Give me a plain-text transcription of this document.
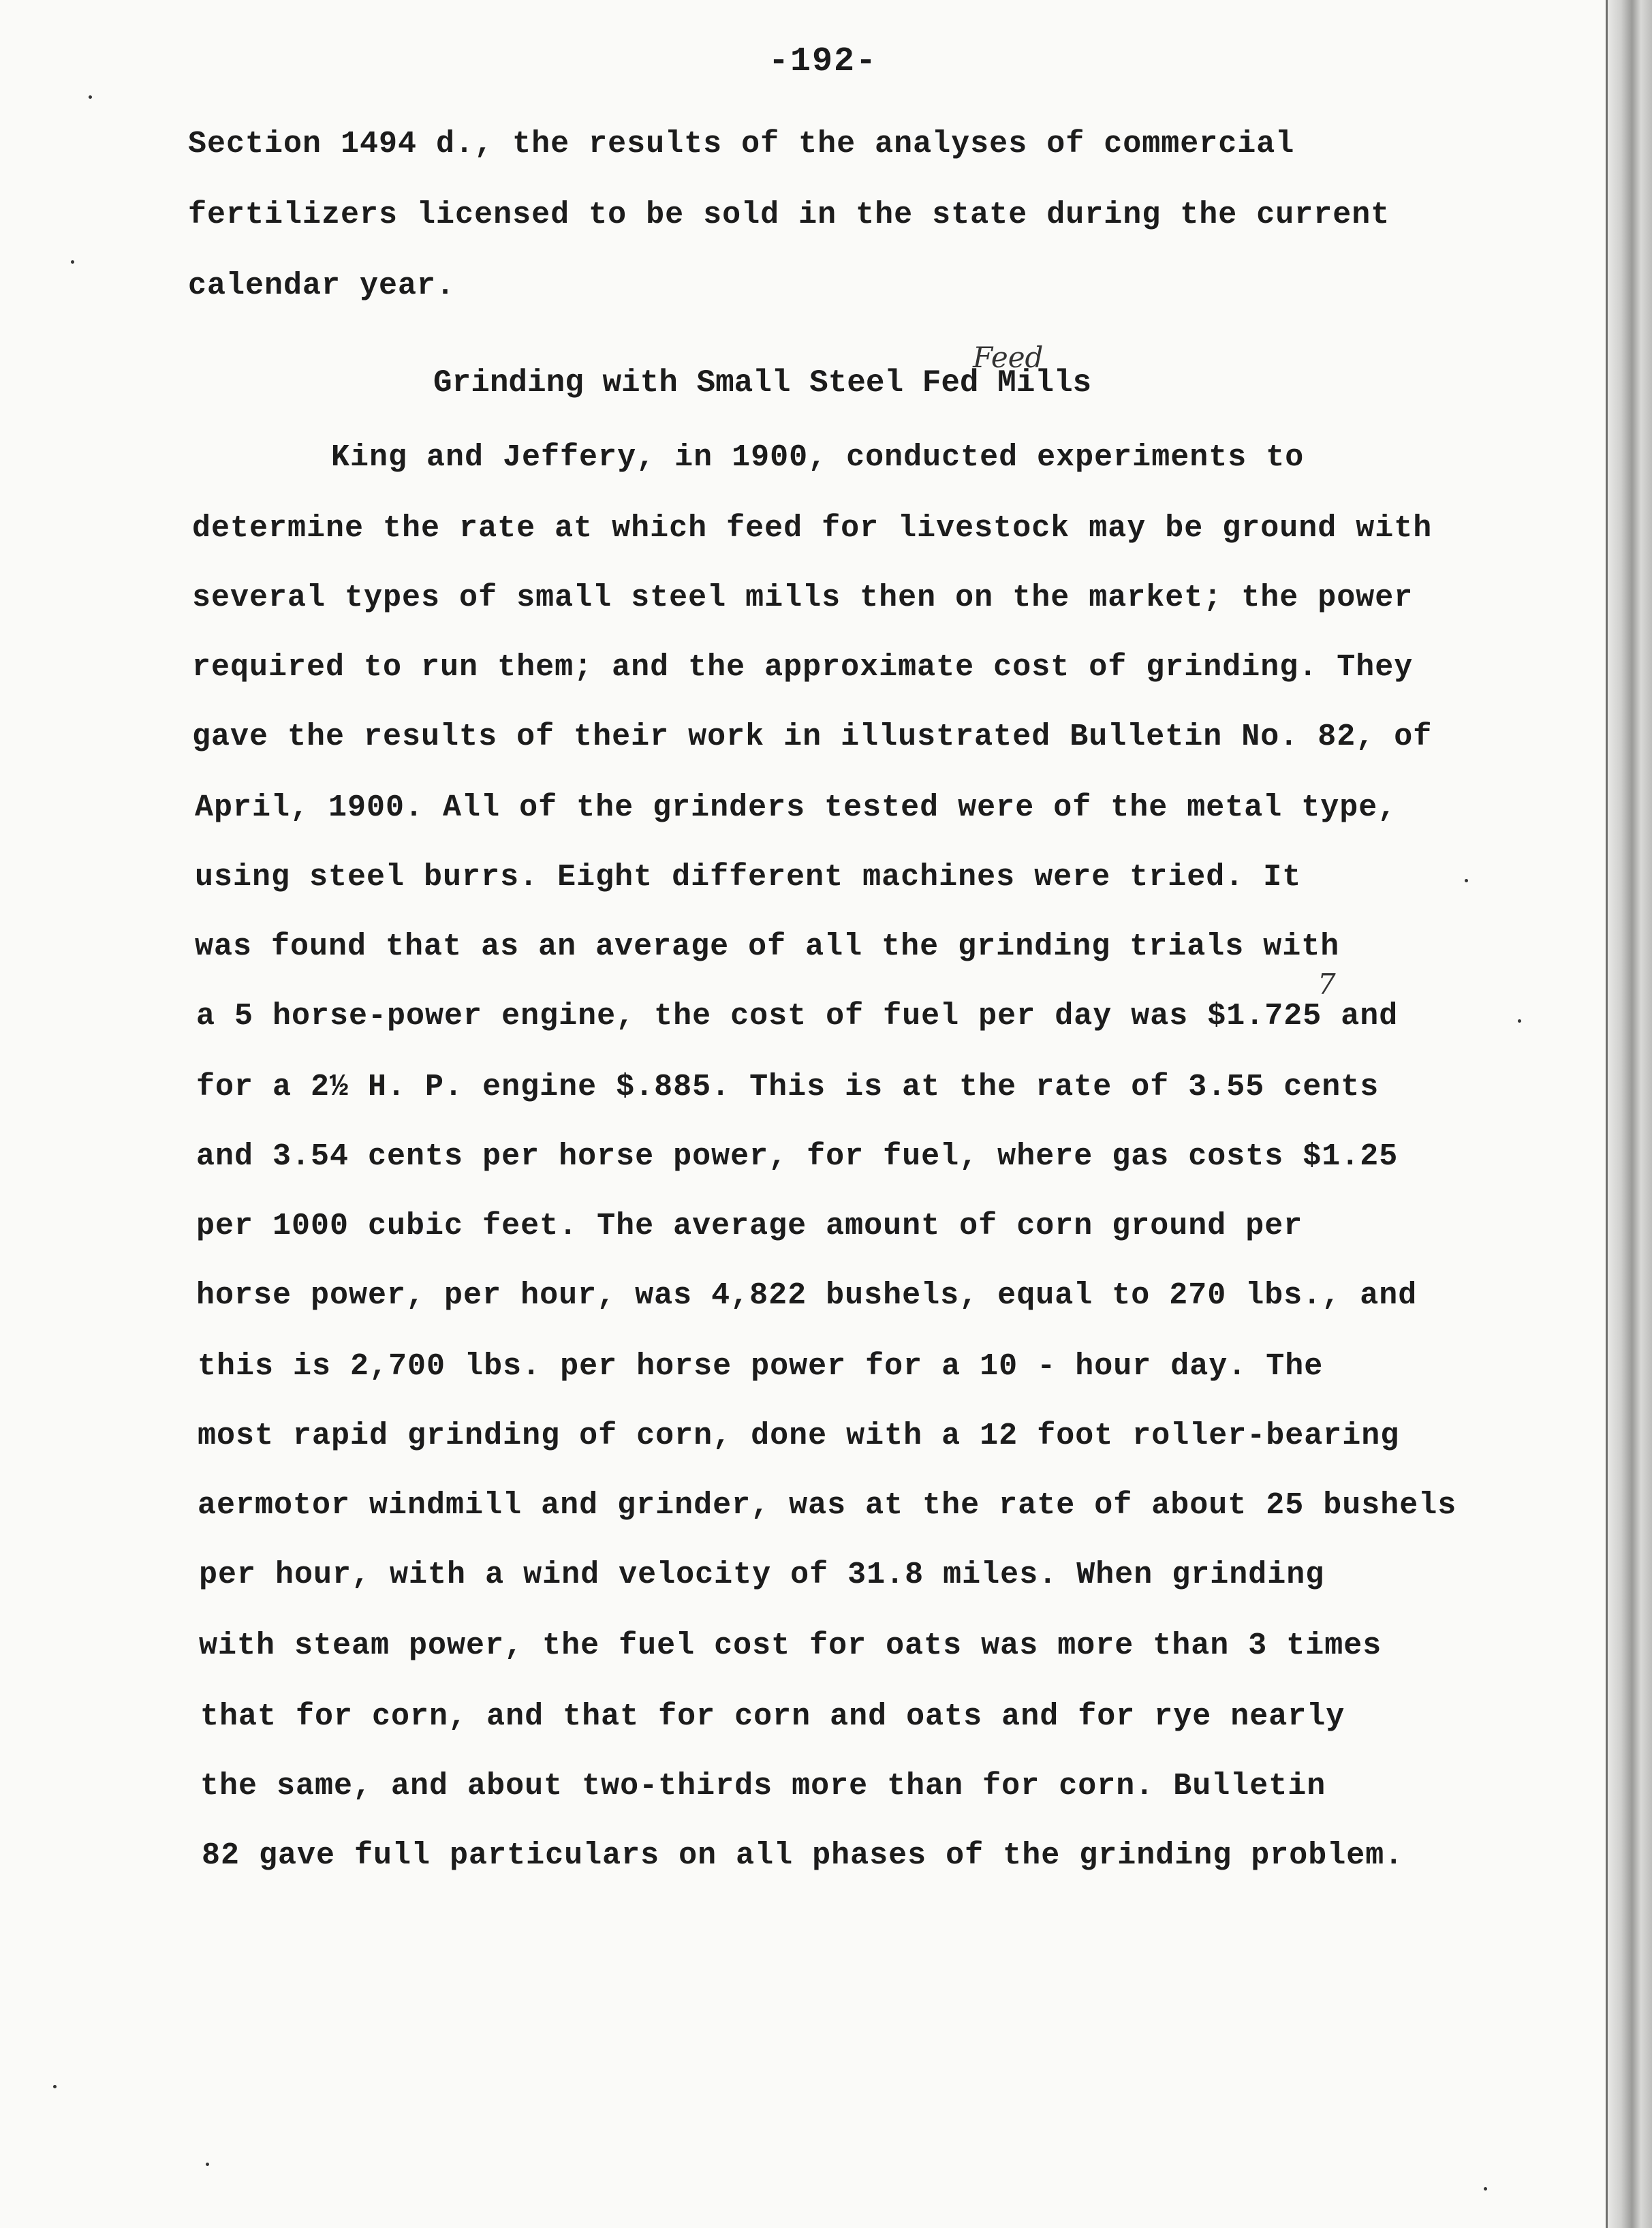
-192-
Section 1494 d., the results of the analyses of commercial
fertilizers licensed to be sold in the state during the current
calendar year.
Feed
Grinding with Small Steel Fed Mills
King and Jeffery, in 1900, conducted experiments to
determine the rate at which feed for livestock may be ground with
several types of small steel mills then on the market; the power
required to run them; and the approximate cost of grinding. They
gave the results of their work in illustrated Bulletin No. 82, of
April, 1900. All of the grinders tested were of the metal type,
using steel burrs. Eight different machines were tried. It
was found that as an average of all the grinding trials with
7
a 5 horse-power engine, the cost of fuel per day was $1.725 and
for a 2½ H. P. engine $.885. This is at the rate of 3.55 cents
and 3.54 cents per horse power, for fuel, where gas costs $1.25
per 1000 cubic feet. The average amount of corn ground per
horse power, per hour, was 4,822 bushels, equal to 270 lbs., and
this is 2,700 lbs. per horse power for a 10 - hour day. The
most rapid grinding of corn, done with a 12 foot roller-bearing
aermotor windmill and grinder, was at the rate of about 25 bushels
per hour, with a wind velocity of 31.8 miles. When grinding
with steam power, the fuel cost for oats was more than 3 times
that for corn, and that for corn and oats and for rye nearly
the same, and about two-thirds more than for corn. Bulletin
82 gave full particulars on all phases of the grinding problem.
